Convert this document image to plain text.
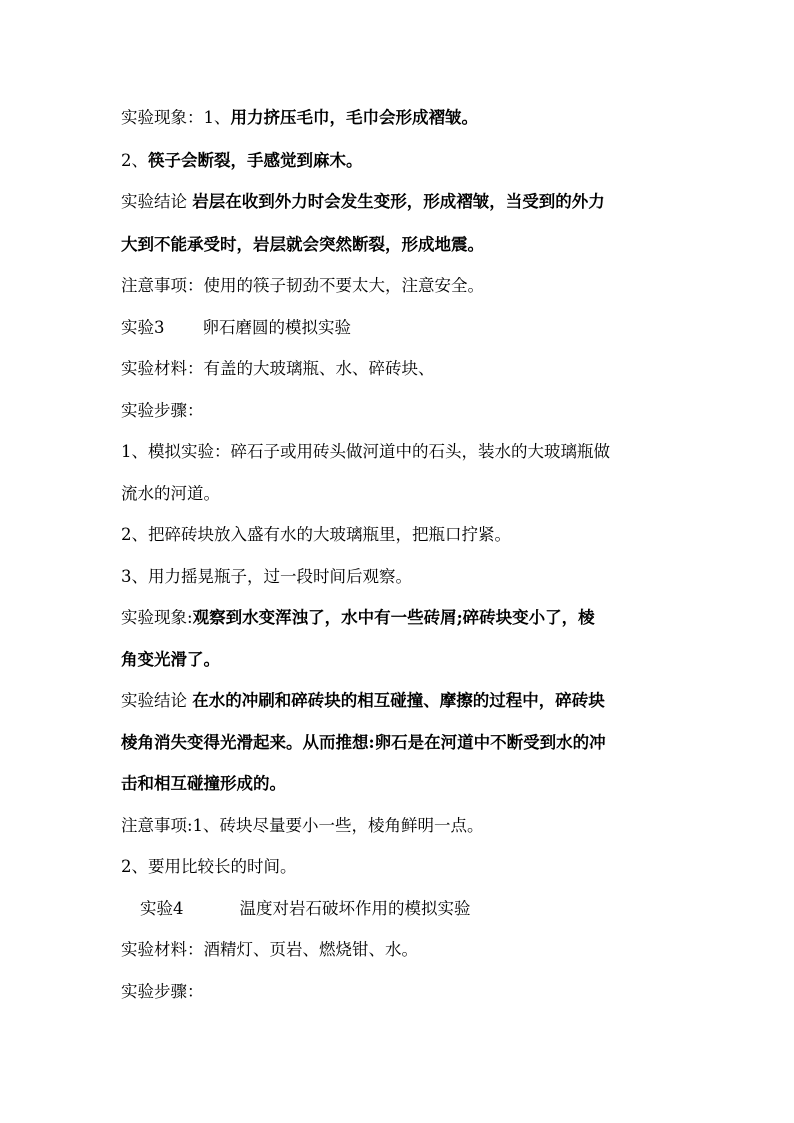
实验现象：1、用力挤压毛巾，毛巾会形成褶皱。
2、筷子会断裂，手感觉到麻木。
实验结论 岩层在收到外力时会发生变形，形成褶皱，当受到的外力
大到不能承受时，岩层就会突然断裂，形成地震。
注意事项：使用的筷子韧劲不要太大，注意安全。
实验3 卵石磨圆的模拟实验
实验材料：有盖的大玻璃瓶、水、碎砖块、
实验步骤：
1、模拟实验：碎石子或用砖头做河道中的石头，装水的大玻璃瓶做
流水的河道。
2、把碎砖块放入盛有水的大玻璃瓶里，把瓶口拧紧。
3、用力摇晃瓶子，过一段时间后观察。
实验现象:观察到水变浑浊了，水中有一些砖屑;碎砖块变小了，棱
角变光滑了。
实验结论 在水的冲刷和碎砖块的相互碰撞、摩擦的过程中，碎砖块
棱角消失变得光滑起来。从而推想:卵石是在河道中不断受到水的冲
击和相互碰撞形成的。
注意事项:1、砖块尽量要小一些，棱角鲜明一点。
2、要用比较长的时间。
实验4	温度对岩石破坏作用的模拟实验
实验材料：酒精灯、页岩、燃烧钳、水。
实验步骤：
